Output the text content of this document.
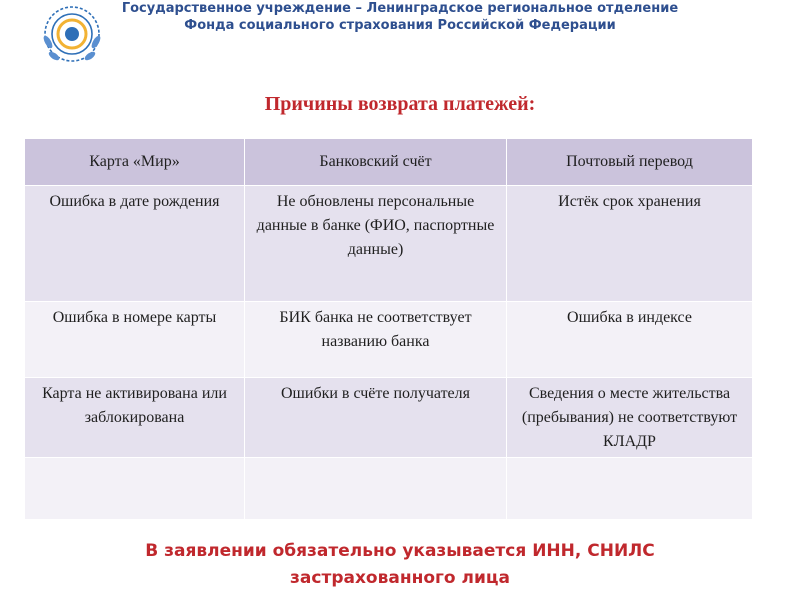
Государственное учреждение – Ленинградское региональное отделение
Фонда социального страхования Российской Федерации
Причины возврата платежей:
Карта «Мир»	Банковский счёт	Почтовый перевод
Ошибка в дате рождения	Не обновлены персональные данные в банке (ФИО, паспортные данные)	Истёк срок хранения
Ошибка в номере карты	БИК банка не соответствует названию банка	Ошибка в индексе
Карта не активирована или заблокирована	Ошибки в счёте получателя	Сведения о месте жительства (пребывания) не соответствуют КЛАДР

В заявлении обязательно указывается ИНН, СНИЛС
застрахованного лица
